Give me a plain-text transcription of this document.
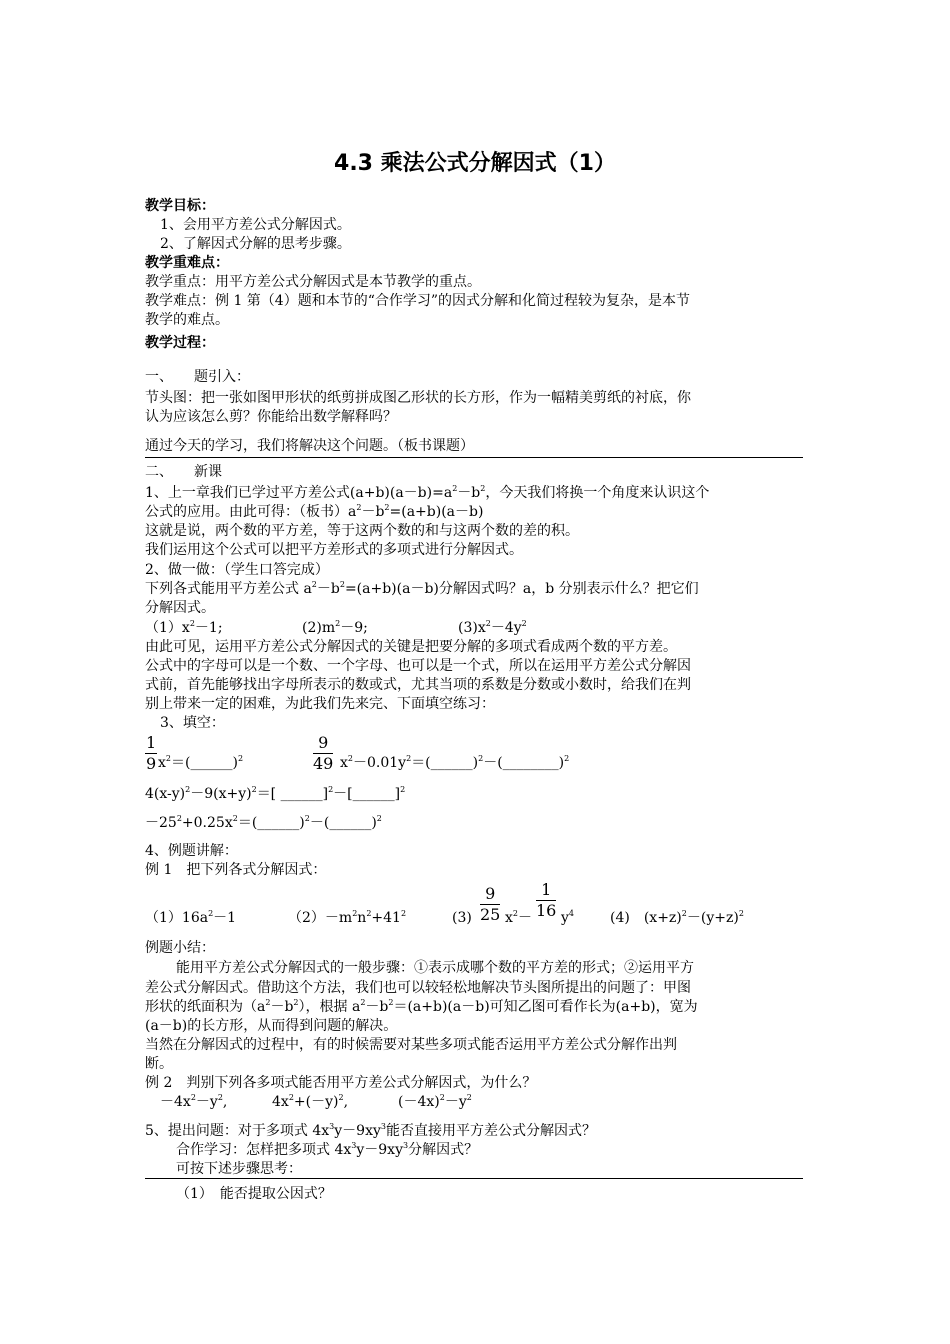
4.3 乘法公式分解因式（1）
教学目标：
1、会用平方差公式分解因式。
2、了解因式分解的思考步骤。
教学重难点：
教学重点：用平方差公式分解因式是本节教学的重点。
教学难点：例 1 第（4）题和本节的“合作学习”的因式分解和化简过程较为复杂，是本节
教学的难点。
教学过程：
一、　　题引入：
节头图：把一张如图甲形状的纸剪拼成图乙形状的长方形，作为一幅精美剪纸的衬底，你
认为应该怎么剪？你能给出数学解释吗？
通过今天的学习，我们将解决这个问题。（板书课题）
二、　　新课
1、上一章我们已学过平方差公式$(a+b)(a-b)=a^2-b^2$，今天我们将换一个角度来认识这个
公式的应用。由此可得：（板书）$a^2-b^2=(a+b)(a-b)$
这就是说，两个数的平方差，等于这两个数的和与这两个数的差的积。
我们运用这个公式可以把平方差形式的多项式进行分解因式。
2、做一做：（学生口答完成）
下列各式能用平方差公式 $a^2-b^2=(a+b)(a-b)$分解因式吗？a，b 分别表示什么？把它们
分解因式。
$(1)x^2-1$;	$(2)m^2-9$;	$(3)x^2-4y^2$
由此可见，运用平方差公式分解因式的关键是把要分解的多项式看成两个数的平方差。
公式中的字母可以是一个数、一个字母、也可以是一个式，所以在运用平方差公式分解因
式前，首先能够找出字母所表示的数或式，尤其当项的系数是分数或小数时，给我们在判
别上带来一定的困难，为此我们先来完、下面填空练习：
3、填空：
$\frac{1}{9}$ $x^2=(\_\_\_\_\_\_)^2$	$\frac{9}{49}$ $x^2-0.01y^2=(\_\_\_\_\_\_)^2-(\_\_\_\_\_\_\_\_)^2$
$4(x-y)^2-9(x+y)^2=$[ ______]$^2$－[______]$^2$
$-25^2+0.25x^2=(\_\_\_\_\_\_)^2-(\_\_\_\_\_\_)^2$
4、例题讲解：
例 1　把下列各式分解因式：
$(1)16a^2-1$	$(2)-m^2n^2+41^2$	$(3) \frac{9}{25} x^2- \frac{1}{16} y^4$	(4)　$(x+z)^2-(y+z)^2$
例题小结：
能用平方差公式分解因式的一般步骤：①表示成哪个数的平方差的形式；②运用平方
差公式分解因式。借助这个方法，我们也可以较轻松地解决节头图所提出的问题了：甲图
形状的纸面积为$(a^2-b^2)$，根据 $a^2-b^2=(a+b)(a-b)$可知乙图可看作长为(a+b)，宽为
(a－b)的长方形，从而得到问题的解决。
当然在分解因式的过程中，有的时候需要对某些多项式能否运用平方差公式分解作出判
断。
例 2　判别下列各多项式能否用平方差公式分解因式，为什么？
$-4x^2-y^2$,	$4x^2+(-y)^2$,	$(-4x)^2-y^2$
5、提出问题：对于多项式 $4x^3y-9xy^3$能否直接用平方差公式分解因式？
合作学习：怎样把多项式 $4x^3y-9xy^3$分解因式？
可按下述步骤思考：
（1）　能否提取公因式？
